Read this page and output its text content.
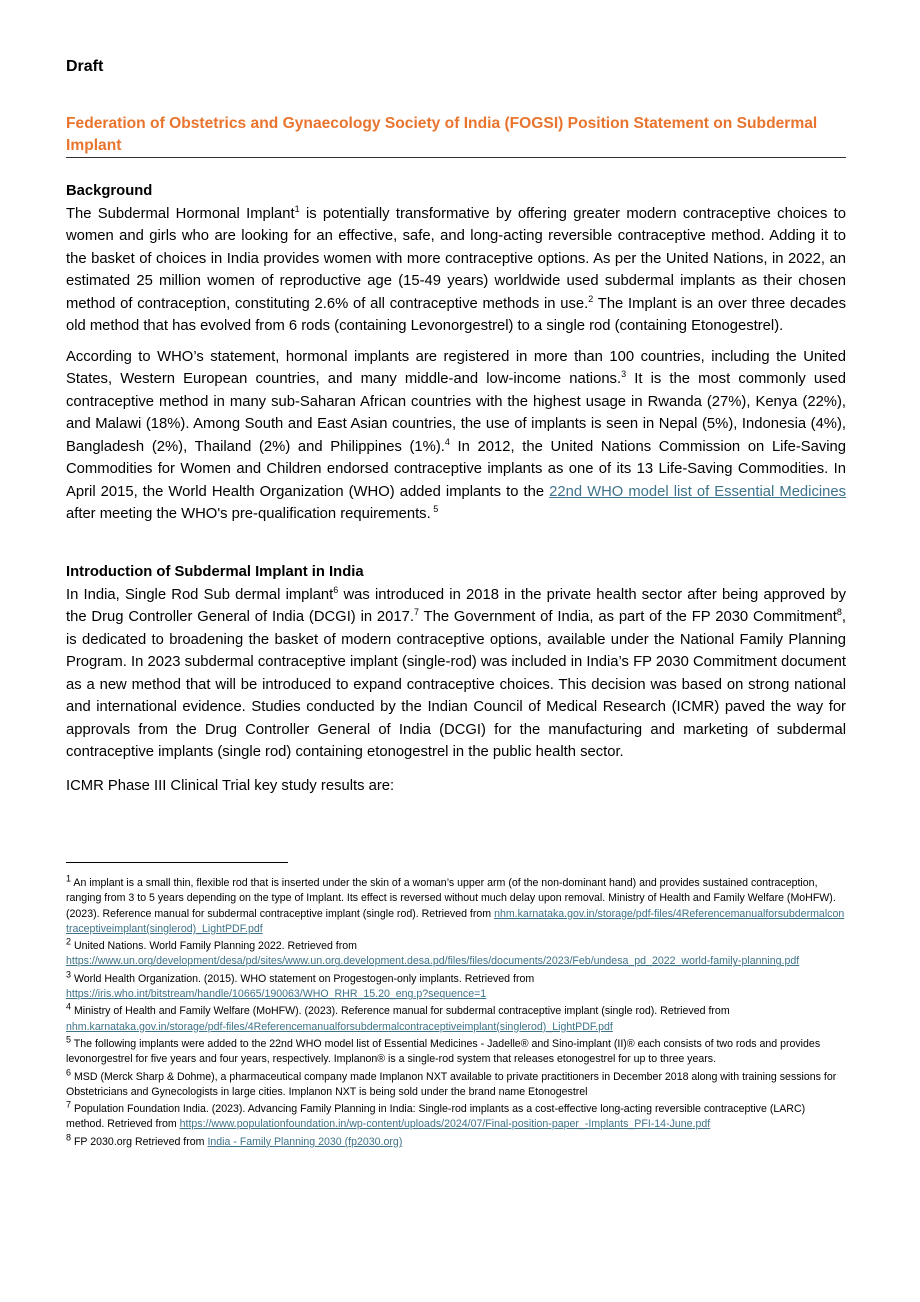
Draft
Federation of Obstetrics and Gynaecology Society of India (FOGSI) Position Statement on Subdermal Implant

Background

The Subdermal Hormonal Implant$^1$ is potentially transformative by offering greater modern contraceptive choices to women and girls who are looking for an effective, safe, and long-acting reversible contraceptive method. Adding it to the basket of choices in India provides women with more contraceptive options. As per the United Nations, in 2022, an estimated 25 million women of reproductive age (15-49 years) worldwide used subdermal implants as their chosen method of contraception, constituting 2.6% of all contraceptive methods in use.$^2$ The Implant is an over three decades old method that has evolved from 6 rods (containing Levonorgestrel) to a single rod (containing Etonogestrel).

According to WHO’s statement, hormonal implants are registered in more than 100 countries, including the United States, Western European countries, and many middle-and low-income nations.$^3$ It is the most commonly used contraceptive method in many sub-Saharan African countries with the highest usage in Rwanda (27%), Kenya (22%), and Malawi (18%). Among South and East Asian countries, the use of implants is seen in Nepal (5%), Indonesia (4%), Bangladesh (2%), Thailand (2%) and Philippines (1%).$^4$ In 2012, the United Nations Commission on Life-Saving Commodities for Women and Children endorsed contraceptive implants as one of its 13 Life-Saving Commodities. In April 2015, the World Health Organization (WHO) added implants to the 22nd WHO model list of Essential Medicines after meeting the WHO's pre-qualification requirements. $^5$

Introduction of Subdermal Implant in India

In India, Single Rod Sub dermal implant$^6$ was introduced in 2018 in the private health sector after being approved by the Drug Controller General of India (DCGI) in 2017.$^7$ The Government of India, as part of the FP 2030 Commitment$^8$, is dedicated to broadening the basket of modern contraceptive options, available under the National Family Planning Program. In 2023 subdermal contraceptive implant (single-rod) was included in India’s FP 2030 Commitment document as a new method that will be introduced to expand contraceptive choices. This decision was based on strong national and international evidence. Studies conducted by the Indian Council of Medical Research (ICMR) paved the way for approvals from the Drug Controller General of India (DCGI) for the manufacturing and marketing of subdermal contraceptive implants (single rod) containing etonogestrel in the public health sector.

ICMR Phase III Clinical Trial key study results are:

$^1$ An implant is a small thin, flexible rod that is inserted under the skin of a woman’s upper arm (of the non-dominant hand) and provides sustained contraception, ranging from 3 to 5 years depending on the type of Implant. Its effect is reversed without much delay upon removal. Ministry of Health and Family Welfare (MoHFW). (2023). Reference manual for subdermal contraceptive implant (single rod). Retrieved from nhm.karnataka.gov.in/storage/pdf-files/4Referencemanualforsubdermalcontraceptiveimplant(singlerod)_LightPDF.pdf

$^2$ United Nations. World Family Planning 2022. Retrieved from
https://www.un.org/development/desa/pd/sites/www.un.org.development.desa.pd/files/files/documents/2023/Feb/undesa_pd_2022_world-family-planning.pdf

$^3$ World Health Organization. (2015). WHO statement on Progestogen-only implants. Retrieved from
https://iris.who.int/bitstream/handle/10665/190063/WHO_RHR_15.20_eng.p?sequence=1

$^4$ Ministry of Health and Family Welfare (MoHFW). (2023). Reference manual for subdermal contraceptive implant (single rod). Retrieved from
nhm.karnataka.gov.in/storage/pdf-files/4Referencemanualforsubdermalcontraceptiveimplant(singlerod)_LightPDF.pdf

$^5$ The following implants were added to the 22nd WHO model list of Essential Medicines - Jadelle® and Sino-implant (II)® each consists of two rods and provides levonorgestrel for five years and four years, respectively. Implanon® is a single-rod system that releases etonogestrel for up to three years.

$^6$ MSD (Merck Sharp & Dohme), a pharmaceutical company made Implanon NXT available to private practitioners in December 2018 along with training sessions for Obstetricians and Gynecologists in large cities. Implanon NXT is being sold under the brand name Etonogestrel

$^7$ Population Foundation India. (2023). Advancing Family Planning in India: Single-rod implants as a cost-effective long-acting reversible contraceptive (LARC) method. Retrieved from https://www.populationfoundation.in/wp-content/uploads/2024/07/Final-position-paper_-Implants_PFI-14-June.pdf

$^8$ FP 2030.org Retrieved from India - Family Planning 2030 (fp2030.org)
